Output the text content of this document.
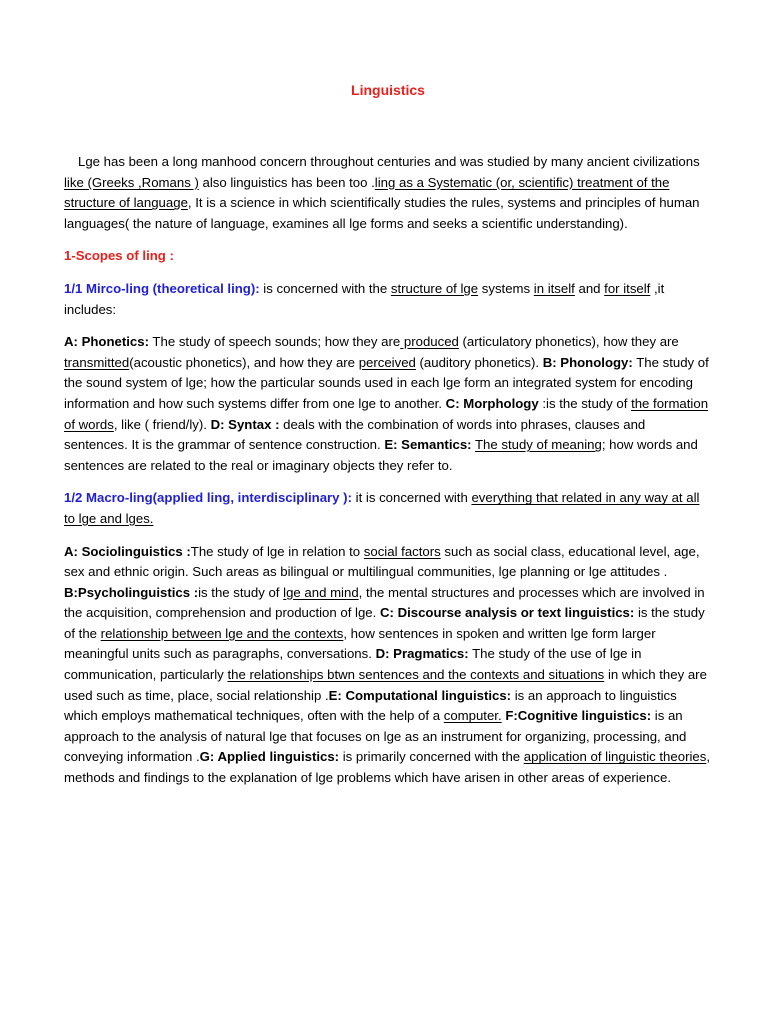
Linguistics

Lge has been a long manhood concern throughout centuries and was studied by many ancient civilizations like (Greeks ,Romans ) also linguistics has been too .ling as a Systematic (or, scientific) treatment of the structure of language, It is a science in which scientifically studies the rules, systems and principles of human languages( the nature of language, examines all lge forms and seeks a scientific understanding).

1-Scopes of ling :

1/1 Mirco-ling (theoretical ling): is concerned with the structure of lge systems in itself and for itself ,it includes:

A: Phonetics: The study of speech sounds; how they are produced (articulatory phonetics), how they are transmitted(acoustic phonetics), and how they are perceived (auditory phonetics). B: Phonology: The study of the sound system of lge; how the particular sounds used in each lge form an integrated system for encoding information and how such systems differ from one lge to another. C: Morphology :is the study of the formation of words, like ( friend/ly). D: Syntax : deals with the combination of words into phrases, clauses and sentences. It is the grammar of sentence construction. E: Semantics: The study of meaning; how words and sentences are related to the real or imaginary objects they refer to.

1/2 Macro-ling(applied ling, interdisciplinary ): it is concerned with everything that related in any way at all to lge and lges.

A: Sociolinguistics :The study of lge in relation to social factors such as social class, educational level, age, sex and ethnic origin. Such areas as bilingual or multilingual communities, lge planning or lge attitudes . B:Psycholinguistics :is the study of lge and mind, the mental structures and processes which are involved in the acquisition, comprehension and production of lge. C: Discourse analysis or text linguistics: is the study of the relationship between lge and the contexts, how sentences in spoken and written lge form larger meaningful units such as paragraphs, conversations. D: Pragmatics: The study of the use of lge in communication, particularly the relationships btwn sentences and the contexts and situations in which they are used such as time, place, social relationship .E: Computational linguistics: is an approach to linguistics which employs mathematical techniques, often with the help of a computer. F:Cognitive linguistics: is an approach to the analysis of natural lge that focuses on lge as an instrument for organizing, processing, and conveying information .G: Applied linguistics: is primarily concerned with the application of linguistic theories, methods and findings to the explanation of lge problems which have arisen in other areas of experience.
